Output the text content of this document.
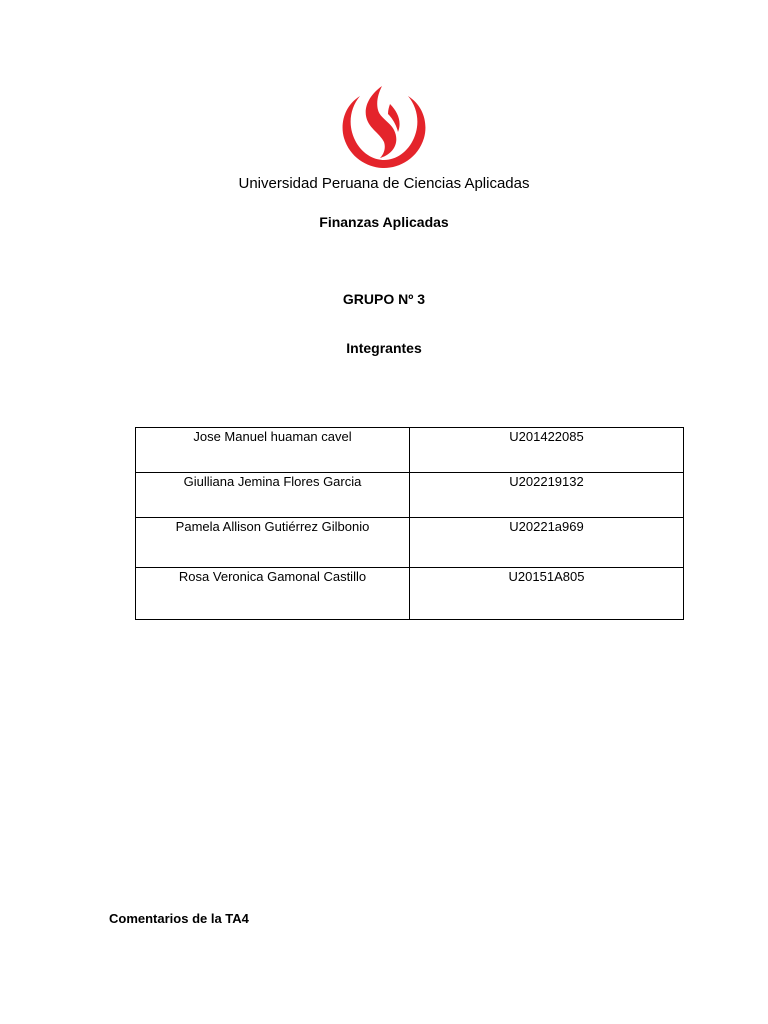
Universidad Peruana de Ciencias Aplicadas
Finanzas Aplicadas
GRUPO Nº 3
Integrantes
Jose Manuel huaman cavel	U201422085

Giulliana Jemina Flores Garcia	U202219132

Pamela Allison Gutiérrez Gilbonio	U20221a969

Rosa Veronica Gamonal Castillo	U20151A805
Comentarios de la TA4
